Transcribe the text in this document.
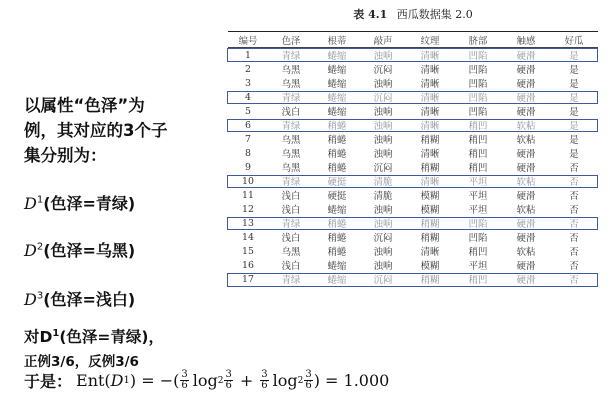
表 4.1 西瓜数据集 2.0
编号	色泽	根蒂	敲声	纹理	脐部	触感	好瓜
1	青绿	蜷缩	浊响	清晰	凹陷	硬滑	是
2	乌黑	蜷缩	沉闷	清晰	凹陷	硬滑	是
3	乌黑	蜷缩	浊响	清晰	凹陷	硬滑	是
4	青绿	蜷缩	沉闷	清晰	凹陷	硬滑	是
5	浅白	蜷缩	浊响	清晰	凹陷	硬滑	是
6	青绿	稍蜷	浊响	清晰	稍凹	软粘	是
7	乌黑	稍蜷	浊响	稍糊	稍凹	软粘	是
8	乌黑	稍蜷	浊响	清晰	稍凹	硬滑	是
9	乌黑	稍蜷	沉闷	稍糊	稍凹	硬滑	否
10	青绿	硬挺	清脆	清晰	平坦	软粘	否
11	浅白	硬挺	清脆	模糊	平坦	硬滑	否
12	浅白	蜷缩	浊响	模糊	平坦	软粘	否
13	青绿	稍蜷	浊响	稍糊	凹陷	硬滑	否
14	浅白	稍蜷	沉闷	稍糊	凹陷	硬滑	否
15	乌黑	稍蜷	浊响	清晰	稍凹	软粘	否
16	浅白	蜷缩	浊响	模糊	平坦	硬滑	否
17	青绿	蜷缩	沉闷	稍糊	稍凹	硬滑	否
以属性“色泽”为
例，其对应的3个子
集分别为：
$D^1$(色泽=青绿)
$D^2$(色泽=乌黑)
$D^3$(色泽=浅白)
对$D^1$(色泽=青绿)，
正例3/6，反例3/6
于是： Ent( D 1 ) = −( $\frac{3}{6}$ $\log 2 \frac{3}{6} + \frac{3}{6}$ $\log 2 \frac{3}{6}$ ) = 1.000
